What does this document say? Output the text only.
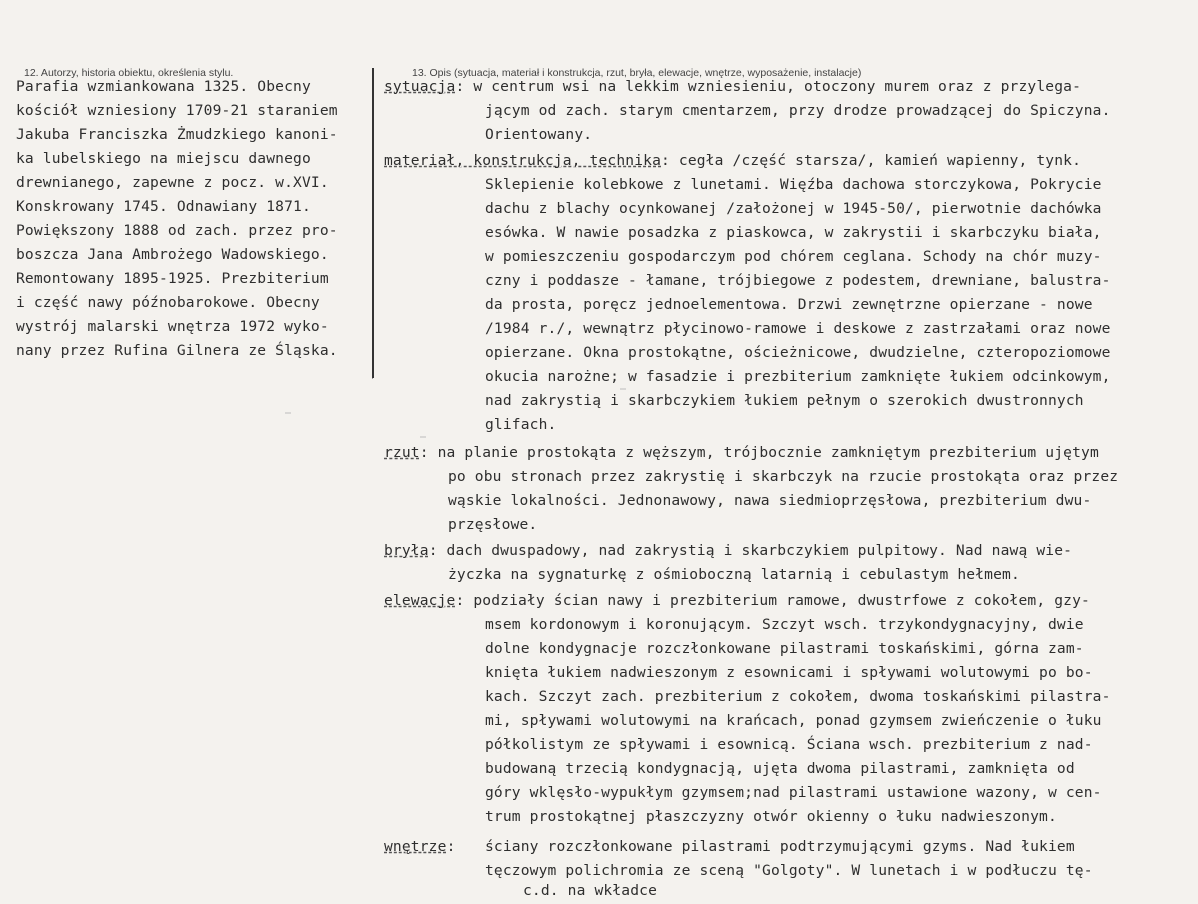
12. Autorzy, historia obiektu, określenia stylu.
Parafia wzmiankowana 1325. Obecny
kościół wzniesiony 1709-21 staraniem
Jakuba Franciszka Żmudzkiego kanoni-
ka lubelskiego na miejscu dawnego
drewnianego, zapewne z pocz. w.XVI.
Konskrowany 1745. Odnawiany 1871.
Powiększony 1888 od zach. przez pro-
boszcza Jana Ambrożego Wadowskiego.
Remontowany 1895-1925. Prezbiterium
i część nawy późnobarokowe. Obecny
wystrój malarski wnętrza 1972 wyko-
nany przez Rufina Gilnera ze Śląska.
13. Opis (sytuacja, materiał i konstrukcja, rzut, bryła, elewacje, wnętrze, wyposażenie, instalacje)
sytuacja: w centrum wsi na lekkim wzniesieniu, otoczony murem oraz z przylega-
jącym od zach. starym cmentarzem, przy drodze prowadzącej do Spiczyna.
Orientowany.
materiał, konstrukcja, technika: cegła /część starsza/, kamień wapienny, tynk.
Sklepienie kolebkowe z lunetami. Więźba dachowa storczykowa, Pokrycie
dachu z blachy ocynkowanej /założonej w 1945-50/, pierwotnie dachówka
esówka. W nawie posadzka z piaskowca, w zakrystii i skarbczyku biała,
w pomieszczeniu gospodarczym pod chórem ceglana. Schody na chór muzy-
czny i poddasze - łamane, trójbiegowe z podestem, drewniane, balustra-
da prosta, poręcz jednoelementowa. Drzwi zewnętrzne opierzane - nowe
/1984 r./, wewnątrz płycinowo-ramowe i deskowe z zastrzałami oraz nowe
opierzane. Okna prostokątne, ościeżnicowe, dwudzielne, czteropoziomowe
okucia narożne; w fasadzie i prezbiterium zamknięte łukiem odcinkowym,
nad zakrystią i skarbczykiem łukiem pełnym o szerokich dwustronnych
glifach.
rzut: na planie prostokąta z węższym, trójbocznie zamkniętym prezbiterium ujętym
po obu stronach przez zakrystię i skarbczyk na rzucie prostokąta oraz przez
wąskie lokalności. Jednonawowy, nawa siedmioprzęsłowa, prezbiterium dwu-
przęsłowe.
bryła: dach dwuspadowy, nad zakrystią i skarbczykiem pulpitowy. Nad nawą wie-
życzka na sygnaturkę z ośmioboczną latarnią i cebulastym hełmem.
elewacje: podziały ścian nawy i prezbiterium ramowe, dwustrfowe z cokołem, gzy-
msem kordonowym i koronującym. Szczyt wsch. trzykondygnacyjny, dwie
dolne kondygnacje rozczłonkowane pilastrami toskańskimi, górna zam-
knięta łukiem nadwieszonym z esownicami i spływami wolutowymi po bo-
kach. Szczyt zach. prezbiterium z cokołem, dwoma toskańskimi pilastra-
mi, spływami wolutowymi na krańcach, ponad gzymsem zwieńczenie o łuku
półkolistym ze spływami i esownicą. Ściana wsch. prezbiterium z nad-
budowaną trzecią kondygnacją, ujęta dwoma pilastrami, zamknięta od
góry wklęsło-wypukłym gzymsem;nad pilastrami ustawione wazony, w cen-
trum prostokątnej płaszczyzny otwór okienny o łuku nadwieszonym.
wnętrze: ściany rozczłonkowane pilastrami podtrzymującymi gzyms. Nad łukiem
tęczowym polichromia ze sceną "Golgoty". W lunetach i w podłuczu tę-
c.d. na wkładce
